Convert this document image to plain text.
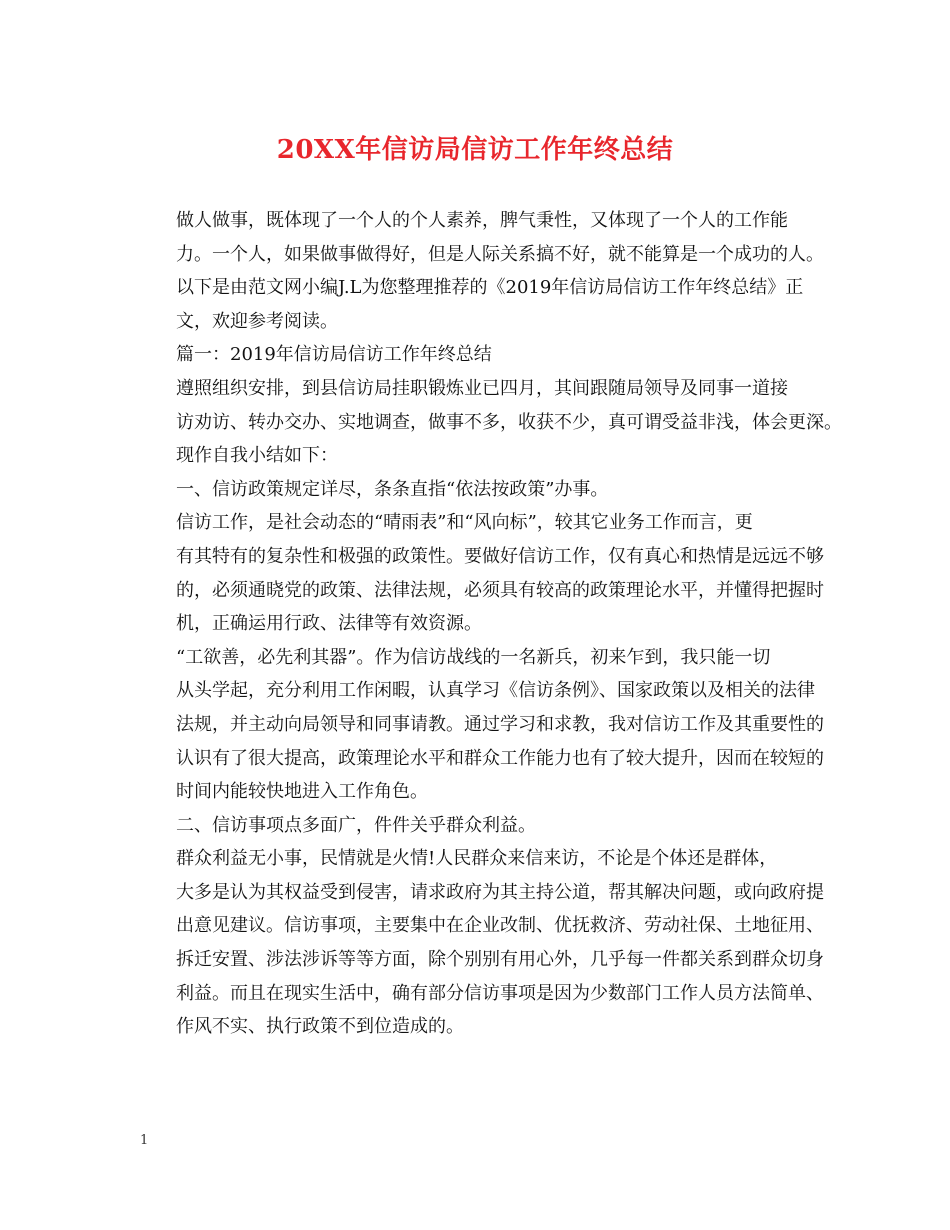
20XX年信访局信访工作年终总结

做人做事，既体现了一个人的个人素养，脾气秉性，又体现了一个人的工作能
力。一个人，如果做事做得好，但是人际关系搞不好，就不能算是一个成功的人。
以下是由范文网小编J.L为您整理推荐的《2019年信访局信访工作年终总结》正
文，欢迎参考阅读。

篇一：2019年信访局信访工作年终总结

遵照组织安排，到县信访局挂职锻炼业已四月，其间跟随局领导及同事一道接
访劝访、转办交办、实地调查，做事不多，收获不少，真可谓受益非浅，体会更深。
现作自我小结如下：

一、信访政策规定详尽，条条直指“依法按政策”办事。

信访工作，是社会动态的“晴雨表”和“风向标”，较其它业务工作而言，更
有其特有的复杂性和极强的政策性。要做好信访工作，仅有真心和热情是远远不够
的，必须通晓党的政策、法律法规，必须具有较高的政策理论水平，并懂得把握时
机，正确运用行政、法律等有效资源。

“工欲善，必先利其器”。作为信访战线的一名新兵，初来乍到，我只能一切
从头学起，充分利用工作闲暇，认真学习《信访条例》、国家政策以及相关的法律
法规，并主动向局领导和同事请教。通过学习和求教，我对信访工作及其重要性的
认识有了很大提高，政策理论水平和群众工作能力也有了较大提升，因而在较短的
时间内能较快地进入工作角色。

二、信访事项点多面广，件件关乎群众利益。

群众利益无小事，民情就是火情!人民群众来信来访，不论是个体还是群体，
大多是认为其权益受到侵害，请求政府为其主持公道，帮其解决问题，或向政府提
出意见建议。信访事项，主要集中在企业改制、优抚救济、劳动社保、土地征用、
拆迁安置、涉法涉诉等等方面，除个别别有用心外，几乎每一件都关系到群众切身
利益。而且在现实生活中，确有部分信访事项是因为少数部门工作人员方法简单、
作风不实、执行政策不到位造成的。

1
